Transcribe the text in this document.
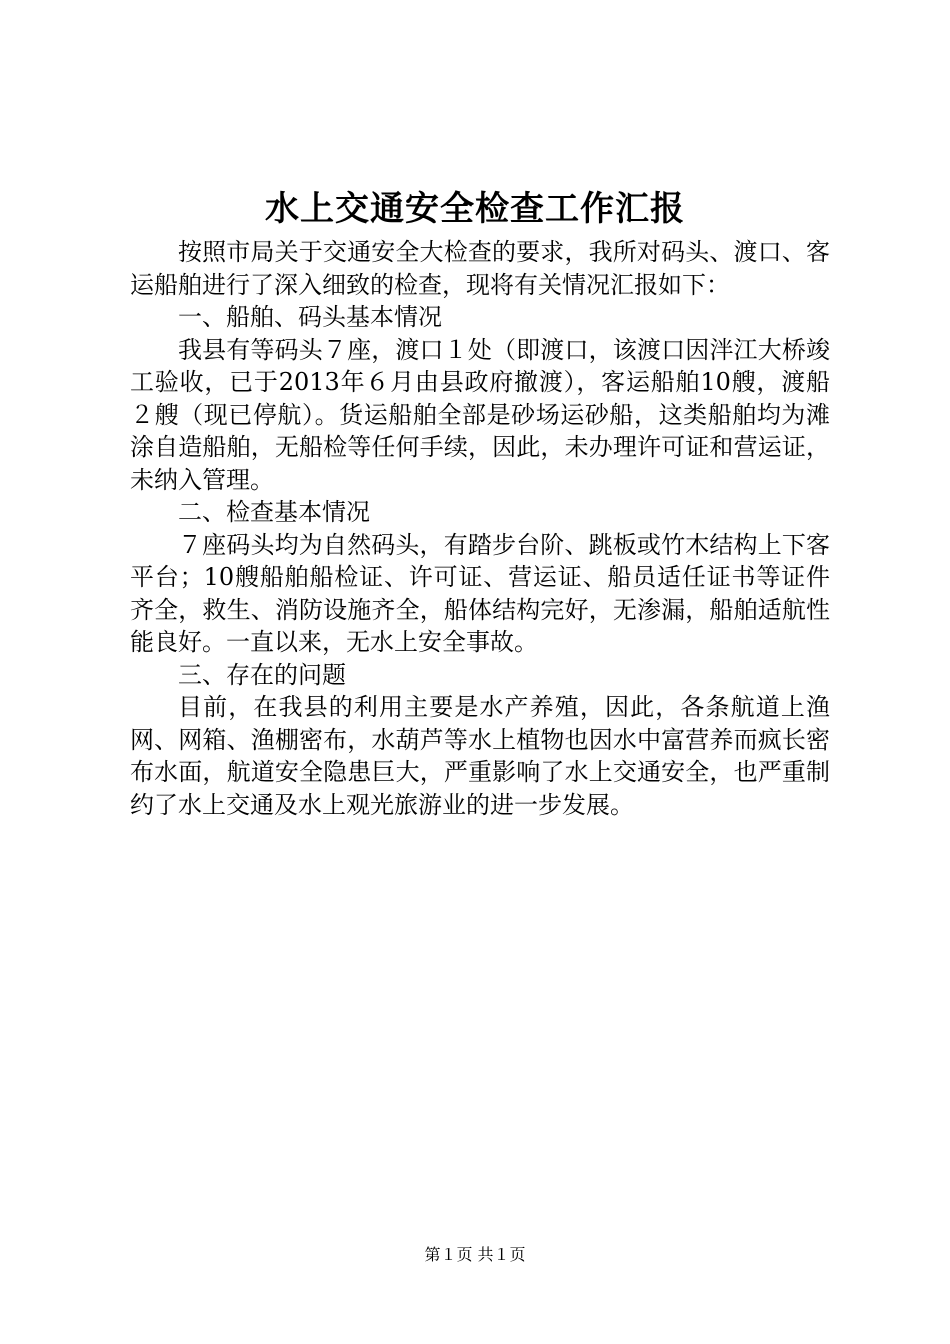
水上交通安全检查工作汇报

按照市局关于交通安全大检查的要求，我所对码头、渡口、客运船舶进行了深入细致的检查，现将有关情况汇报如下：

一、船舶、码头基本情况

我县有等码头７座，渡口１处（即渡口，该渡口因泮江大桥竣工验收，已于2013年６月由县政府撤渡），客运船舶10艘，渡船２艘（现已停航）。货运船舶全部是砂场运砂船，这类船舶均为滩涂自造船舶，无船检等任何手续，因此，未办理许可证和营运证，未纳入管理。

二、检查基本情况

７座码头均为自然码头，有踏步台阶、跳板或竹木结构上下客平台；10艘船舶船检证、许可证、营运证、船员适任证书等证件齐全，救生、消防设施齐全，船体结构完好，无渗漏，船舶适航性能良好。一直以来，无水上安全事故。

三、存在的问题

目前，在我县的利用主要是水产养殖，因此，各条航道上渔网、网箱、渔棚密布，水葫芦等水上植物也因水中富营养而疯长密布水面，航道安全隐患巨大，严重影响了水上交通安全，也严重制约了水上交通及水上观光旅游业的进一步发展。

第１页 共１页
